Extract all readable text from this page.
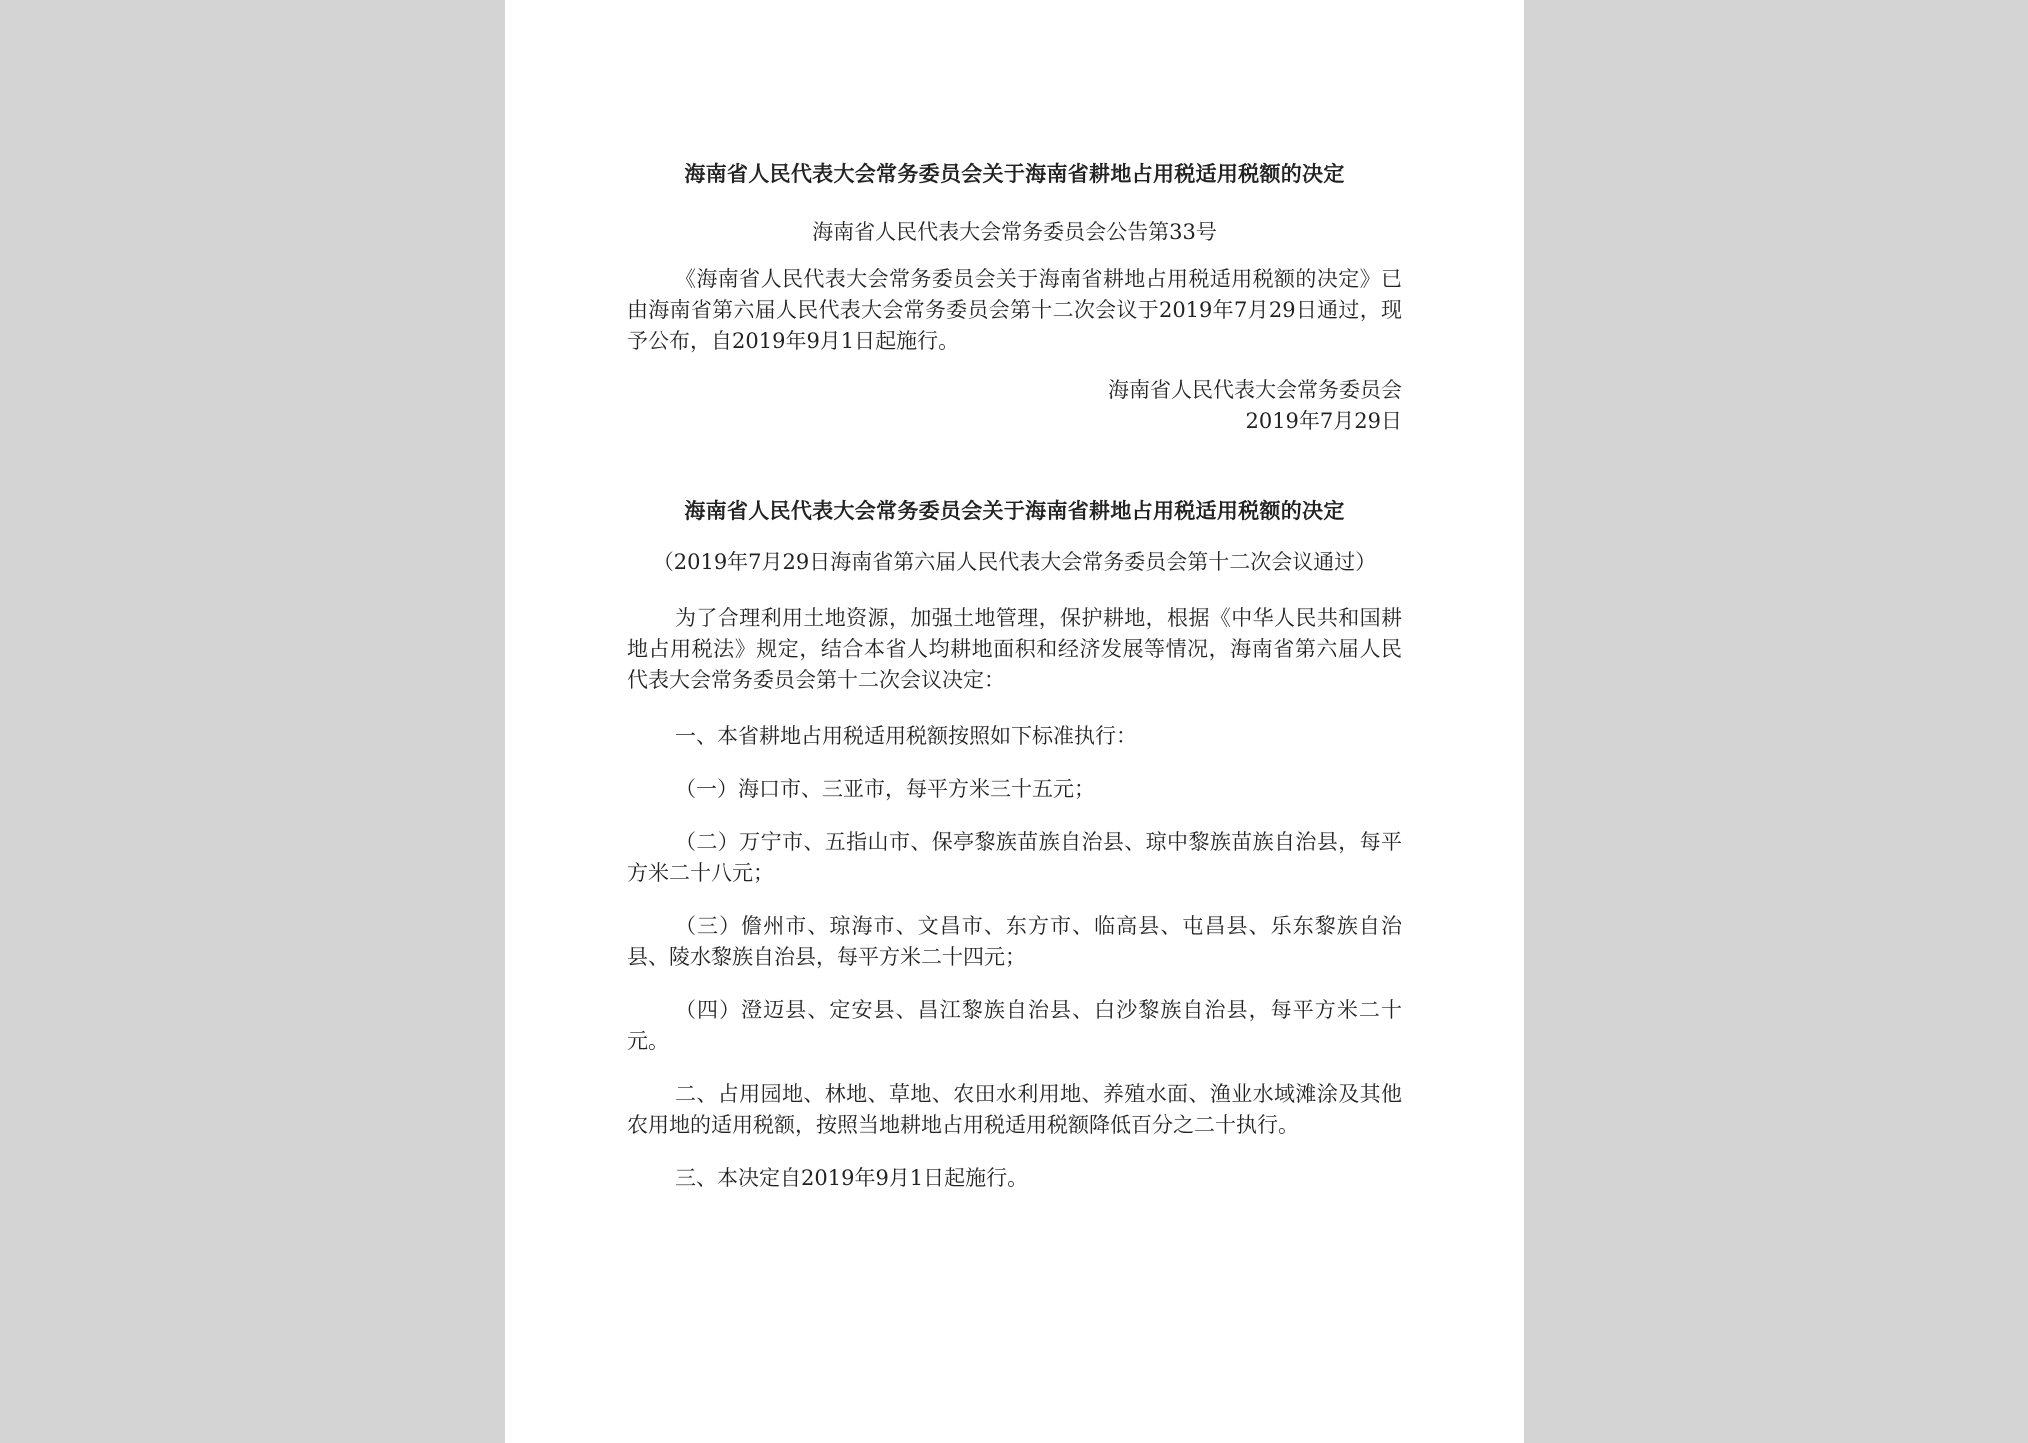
海南省人民代表大会常务委员会关于海南省耕地占用税适用税额的决定
海南省人民代表大会常务委员会公告第33号

《海南省人民代表大会常务委员会关于海南省耕地占用税适用税额的决定》已由海南省第六届人民代表大会常务委员会第十二次会议于2019年7月29日通过，现予公布，自2019年9月1日起施行。

海南省人民代表大会常务委员会
2019年7月29日
海南省人民代表大会常务委员会关于海南省耕地占用税适用税额的决定
（2019年7月29日海南省第六届人民代表大会常务委员会第十二次会议通过）

为了合理利用土地资源，加强土地管理，保护耕地，根据《中华人民共和国耕地占用税法》规定，结合本省人均耕地面积和经济发展等情况，海南省第六届人民代表大会常务委员会第十二次会议决定：

一、本省耕地占用税适用税额按照如下标准执行：

（一）海口市、三亚市，每平方米三十五元；

（二）万宁市、五指山市、保亭黎族苗族自治县、琼中黎族苗族自治县，每平方米二十八元；

（三）儋州市、琼海市、文昌市、东方市、临高县、屯昌县、乐东黎族自治县、陵水黎族自治县，每平方米二十四元；

（四）澄迈县、定安县、昌江黎族自治县、白沙黎族自治县，每平方米二十元。

二、占用园地、林地、草地、农田水利用地、养殖水面、渔业水域滩涂及其他农用地的适用税额，按照当地耕地占用税适用税额降低百分之二十执行。

三、本决定自2019年9月1日起施行。
